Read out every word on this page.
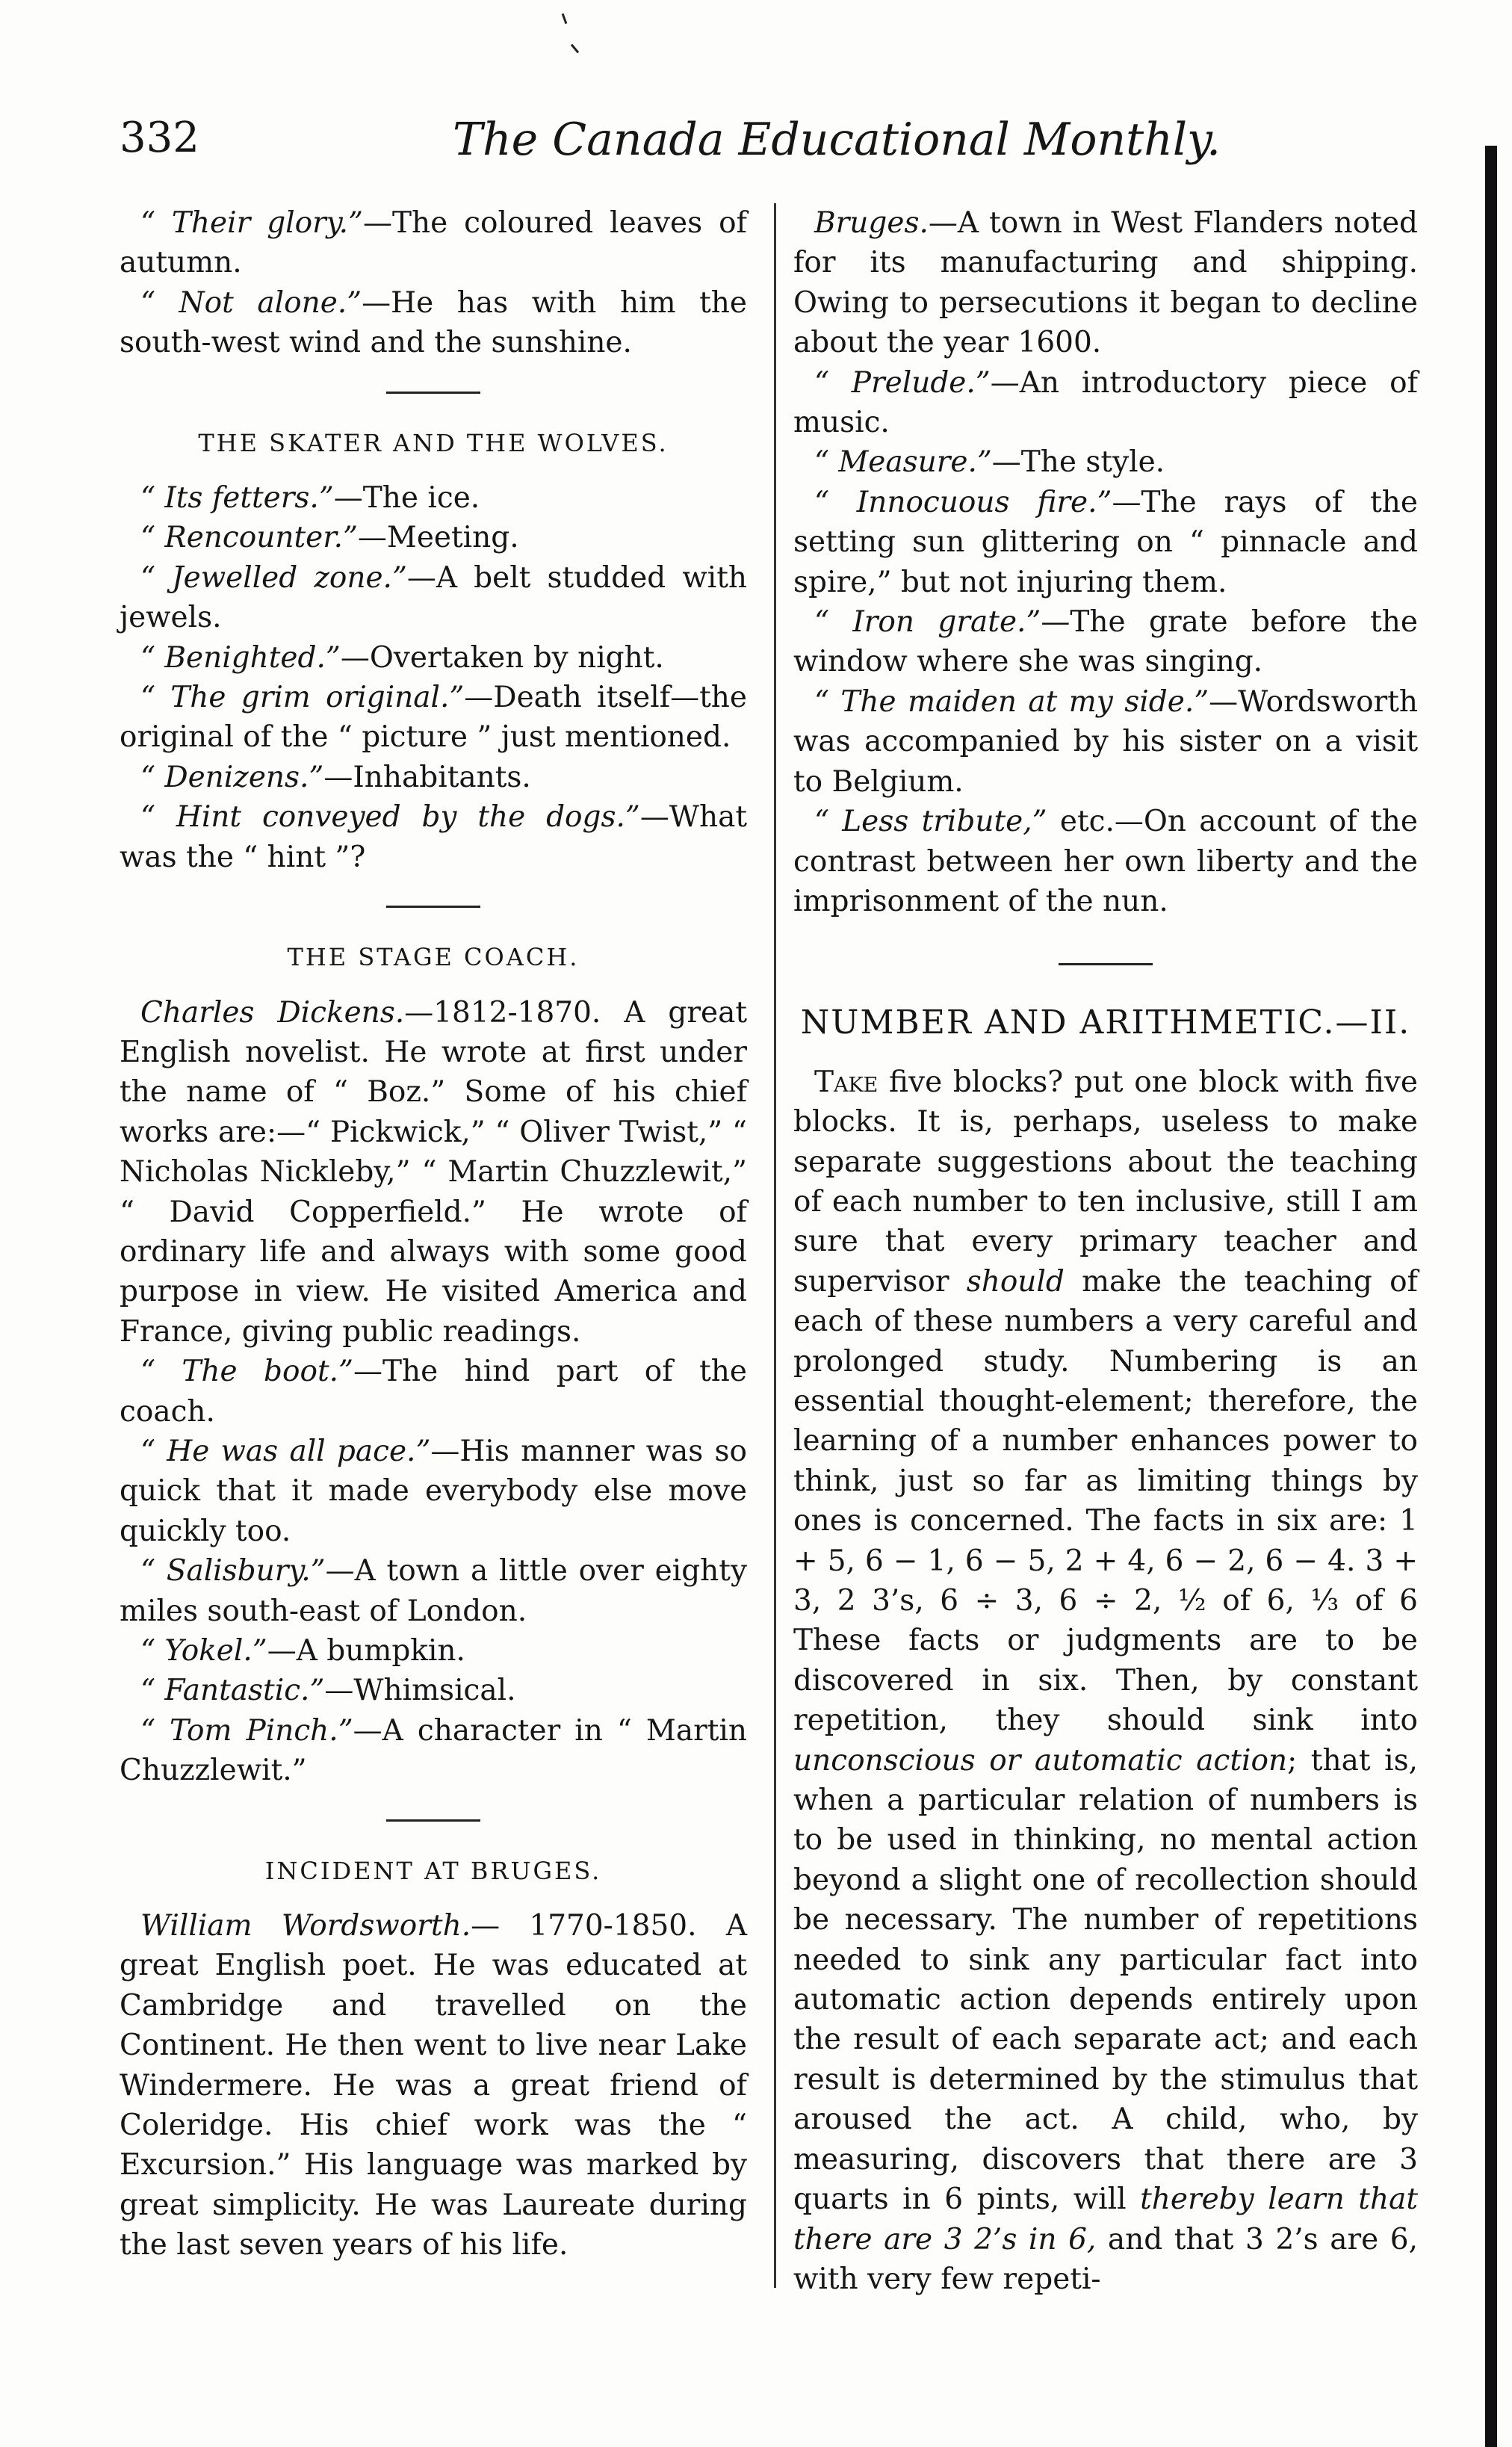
332	The Canada Educational Monthly.

“ Their glory.”—The coloured leaves of autumn.

“ Not alone.”—He has with him the south-west wind and the sunshine.

THE SKATER AND THE WOLVES.

“ Its fetters.”—The ice.

“ Rencounter.”—Meeting.

“ Jewelled zone.”—A belt studded with jewels.

“ Benighted.”—Overtaken by night.

“ The grim original.”—Death itself—the original of the “ picture ” just mentioned.

“ Denizens.”—Inhabitants.

“ Hint conveyed by the dogs.”—What was the “ hint ”?

THE STAGE COACH.

Charles Dickens.—1812-1870. A great English novelist. He wrote at first under the name of “ Boz.” Some of his chief works are:—“ Pickwick,” “ Oliver Twist,” “ Nicholas Nickleby,” “ Martin Chuzzlewit,” “ David Copperfield.” He wrote of ordinary life and always with some good purpose in view. He visited America and France, giving public readings.

“ The boot.”—The hind part of the coach.

“ He was all pace.”—His manner was so quick that it made everybody else move quickly too.

“ Salisbury.”—A town a little over eighty miles south-east of London.

“ Yokel.”—A bumpkin.

“ Fantastic.”—Whimsical.

“ Tom Pinch.”—A character in “ Martin Chuzzlewit.”

INCIDENT AT BRUGES.

William Wordsworth.— 1770-1850. A great English poet. He was educated at Cambridge and travelled on the Continent. He then went to live near Lake Windermere. He was a great friend of Coleridge. His chief work was the “ Excursion.” His language was marked by great simplicity. He was Laureate during the last seven years of his life.

Bruges.—A town in West Flanders noted for its manufacturing and shipping. Owing to persecutions it began to decline about the year 1600.

“ Prelude.”—An introductory piece of music.

“ Measure.”—The style.

“ Innocuous fire.”—The rays of the setting sun glittering on “ pinnacle and spire,” but not injuring them.

“ Iron grate.”—The grate before the window where she was singing.

“ The maiden at my side.”—Wordsworth was accompanied by his sister on a visit to Belgium.

“ Less tribute,” etc.—On account of the contrast between her own liberty and the imprisonment of the nun.

NUMBER AND ARITHMETIC.—II.

Take five blocks? put one block with five blocks. It is, perhaps, useless to make separate suggestions about the teaching of each number to ten inclusive, still I am sure that every primary teacher and supervisor should make the teaching of each of these numbers a very careful and prolonged study. Numbering is an essential thought-element; therefore, the learning of a number enhances power to think, just so far as limiting things by ones is concerned. The facts in six are: 1 + 5, 6 − 1, 6 − 5, 2 + 4, 6 − 2, 6 − 4. 3 + 3, 2 3’s, 6 ÷ 3, 6 ÷ 2, ½ of 6, ⅓ of 6 These facts or judgments are to be discovered in six. Then, by constant repetition, they should sink into unconscious or automatic action; that is, when a particular relation of numbers is to be used in thinking, no mental action beyond a slight one of recollection should be necessary. The number of repetitions needed to sink any particular fact into automatic action depends entirely upon the result of each separate act; and each result is determined by the stimulus that aroused the act. A child, who, by measuring, discovers that there are 3 quarts in 6 pints, will thereby learn that there are 3 2’s in 6, and that 3 2’s are 6, with very few repeti-
